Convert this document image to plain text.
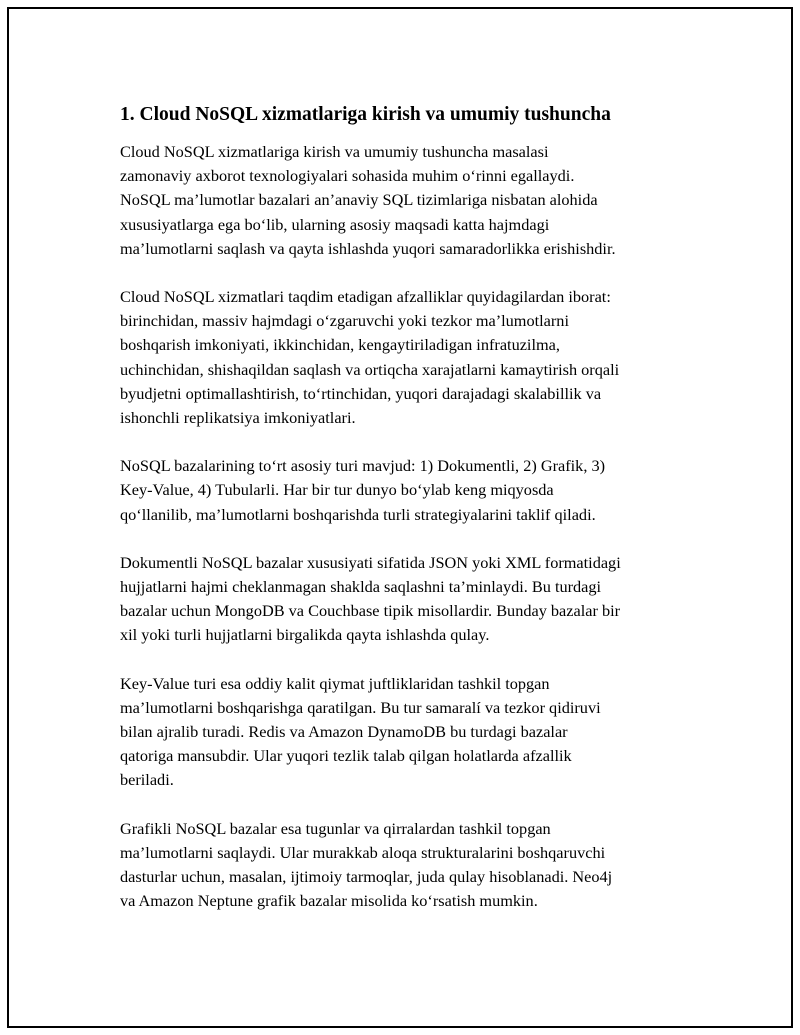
1. Cloud NoSQL xizmatlariga kirish va umumiy tushuncha

Cloud NoSQL xizmatlariga kirish va umumiy tushuncha masalasi
zamonaviy axborot texnologiyalari sohasida muhim o‘rinni egallaydi.
NoSQL ma’lumotlar bazalari an’anaviy SQL tizimlariga nisbatan alohida
xususiyatlarga ega bo‘lib, ularning asosiy maqsadi katta hajmdagi
ma’lumotlarni saqlash va qayta ishlashda yuqori samaradorlikka erishishdir.

Cloud NoSQL xizmatlari taqdim etadigan afzalliklar quyidagilardan iborat:
birinchidan, massiv hajmdagi o‘zgaruvchi yoki tezkor ma’lumotlarni
boshqarish imkoniyati, ikkinchidan, kengaytiriladigan infratuzilma,
uchinchidan, shishaqildan saqlash va ortiqcha xarajatlarni kamaytirish orqali
byudjetni optimallashtirish, to‘rtinchidan, yuqori darajadagi skalabillik va
ishonchli replikatsiya imkoniyatlari.

NoSQL bazalarining to‘rt asosiy turi mavjud: 1) Dokumentli, 2) Grafik, 3)
Key-Value, 4) Tubularli. Har bir tur dunyo bo‘ylab keng miqyosda
qo‘llanilib, ma’lumotlarni boshqarishda turli strategiyalarini taklif qiladi.

Dokumentli NoSQL bazalar xususiyati sifatida JSON yoki XML formatidagi
hujjatlarni hajmi cheklanmagan shaklda saqlashni ta’minlaydi. Bu turdagi
bazalar uchun MongoDB va Couchbase tipik misollardir. Bunday bazalar bir
xil yoki turli hujjatlarni birgalikda qayta ishlashda qulay.

Key-Value turi esa oddiy kalit qiymat juftliklaridan tashkil topgan
ma’lumotlarni boshqarishga qaratilgan. Bu tur samaralí va tezkor qidiruvi
bilan ajralib turadi. Redis va Amazon DynamoDB bu turdagi bazalar
qatoriga mansubdir. Ular yuqori tezlik talab qilgan holatlarda afzallik
beriladi.

Grafikli NoSQL bazalar esa tugunlar va qirralardan tashkil topgan
ma’lumotlarni saqlaydi. Ular murakkab aloqa strukturalarini boshqaruvchi
dasturlar uchun, masalan, ijtimoiy tarmoqlar, juda qulay hisoblanadi. Neo4j
va Amazon Neptune grafik bazalar misolida ko‘rsatish mumkin.
